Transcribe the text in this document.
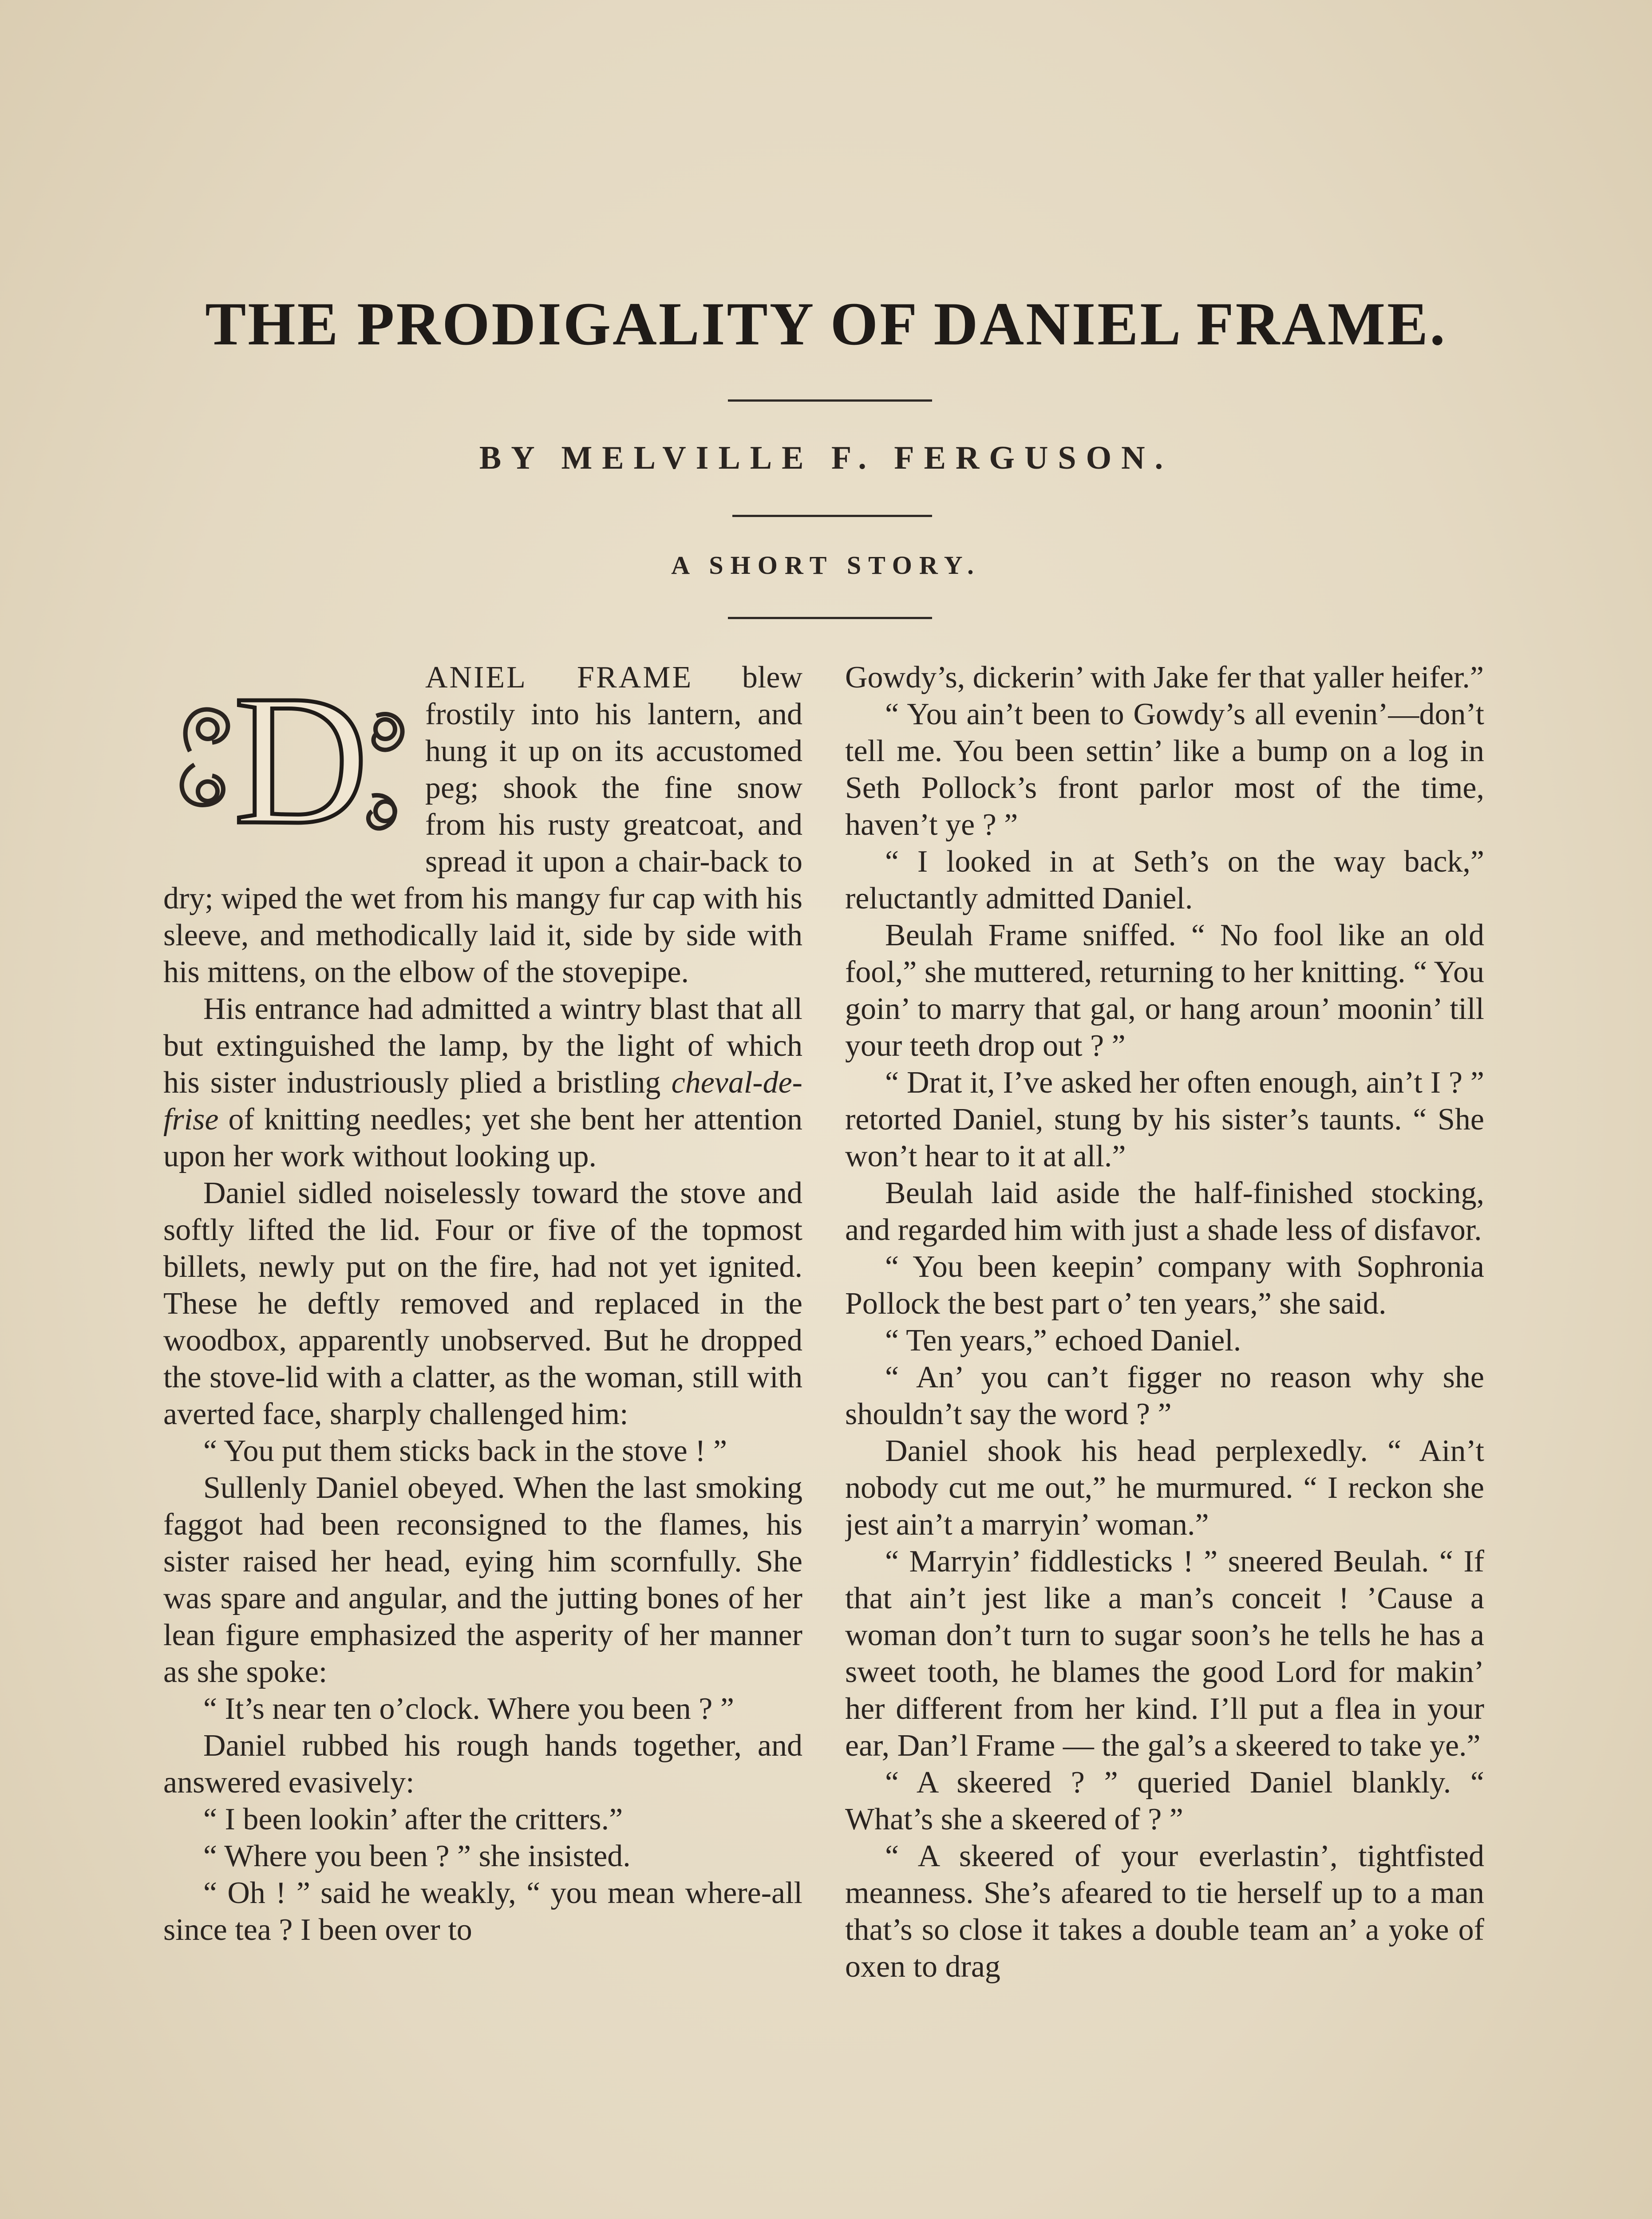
THE PRODIGALITY OF DANIEL FRAME.
BY MELVILLE F. FERGUSON.
A SHORT STORY.
D	ANIEL FRAME blew frostily into his lantern, and hung it up on its accustomed peg; shook the fine snow from his rusty greatcoat, and spread it upon a chair-back to dry; wiped the wet from his mangy fur cap with his sleeve, and methodically laid it, side by side with his mittens, on the elbow of the stovepipe.

His entrance had admitted a wintry blast that all but extinguished the lamp, by the light of which his sister industriously plied a bristling cheval-de-frise of knitting needles; yet she bent her attention upon her work without looking up.

Daniel sidled noiselessly toward the stove and softly lifted the lid. Four or five of the topmost billets, newly put on the fire, had not yet ignited. These he deftly removed and replaced in the woodbox, apparently unobserved. But he dropped the stove-lid with a clatter, as the woman, still with averted face, sharply challenged him:

“ You put them sticks back in the stove ! ”

Sullenly Daniel obeyed. When the last smoking faggot had been reconsigned to the flames, his sister raised her head, eying him scornfully. She was spare and angular, and the jutting bones of her lean figure emphasized the asperity of her manner as she spoke:

“ It’s near ten o’clock. Where you been ? ”

Daniel rubbed his rough hands together, and answered evasively:

“ I been lookin’ after the critters.”

“ Where you been ? ” she insisted.

“ Oh ! ” said he weakly, “ you mean where-all since tea ? I been over to

Gowdy’s, dickerin’ with Jake fer that yaller heifer.”

“ You ain’t been to Gowdy’s all evenin’—don’t tell me. You been settin’ like a bump on a log in Seth Pollock’s front parlor most of the time, haven’t ye ? ”

“ I looked in at Seth’s on the way back,” reluctantly admitted Daniel.

Beulah Frame sniffed. “ No fool like an old fool,” she muttered, returning to her knitting. “ You goin’ to marry that gal, or hang aroun’ moonin’ till your teeth drop out ? ”

“ Drat it, I’ve asked her often enough, ain’t I ? ” retorted Daniel, stung by his sister’s taunts. “ She won’t hear to it at all.”

Beulah laid aside the half-finished stocking, and regarded him with just a shade less of disfavor.

“ You been keepin’ company with Sophronia Pollock the best part o’ ten years,” she said.

“ Ten years,” echoed Daniel.

“ An’ you can’t figger no reason why she shouldn’t say the word ? ”

Daniel shook his head perplexedly. “ Ain’t nobody cut me out,” he murmured. “ I reckon she jest ain’t a marryin’ woman.”

“ Marryin’ fiddlesticks ! ” sneered Beulah. “ If that ain’t jest like a man’s conceit ! ’Cause a woman don’t turn to sugar soon’s he tells he has a sweet tooth, he blames the good Lord for makin’ her different from her kind. I’ll put a flea in your ear, Dan’l Frame — the gal’s a skeered to take ye.”

“ A skeered ? ” queried Daniel blankly. “ What’s she a skeered of ? ”

“ A skeered of your everlastin’, tightfisted meanness. She’s afeared to tie herself up to a man that’s so close it takes a double team an’ a yoke of oxen to drag
